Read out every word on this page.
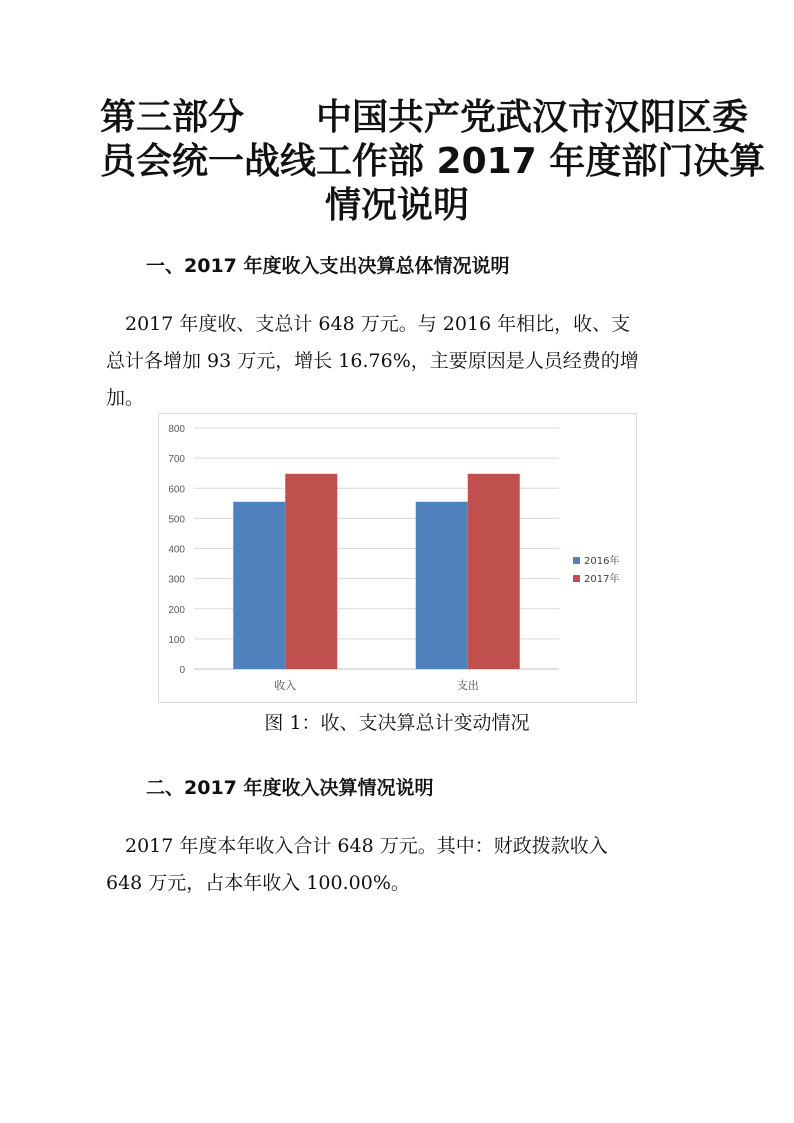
第三部分　　中国共产党武汉市汉阳区委
员会统一战线工作部 2017 年度部门决算
情况说明
一、2017 年度收入支出决算总体情况说明

　2017 年度收、支总计 648 万元。与 2016 年相比，收、支
总计各增加 93 万元，增长 16.76%，主要原因是人员经费的增
加。

0
100
200
300
400
500
600
700
800
收入	支出
2016年
2017年

图 1：收、支决算总计变动情况

二、2017 年度收入决算情况说明

　2017 年度本年收入合计 648 万元。其中：财政拨款收入
648 万元，占本年收入 100.00%。
